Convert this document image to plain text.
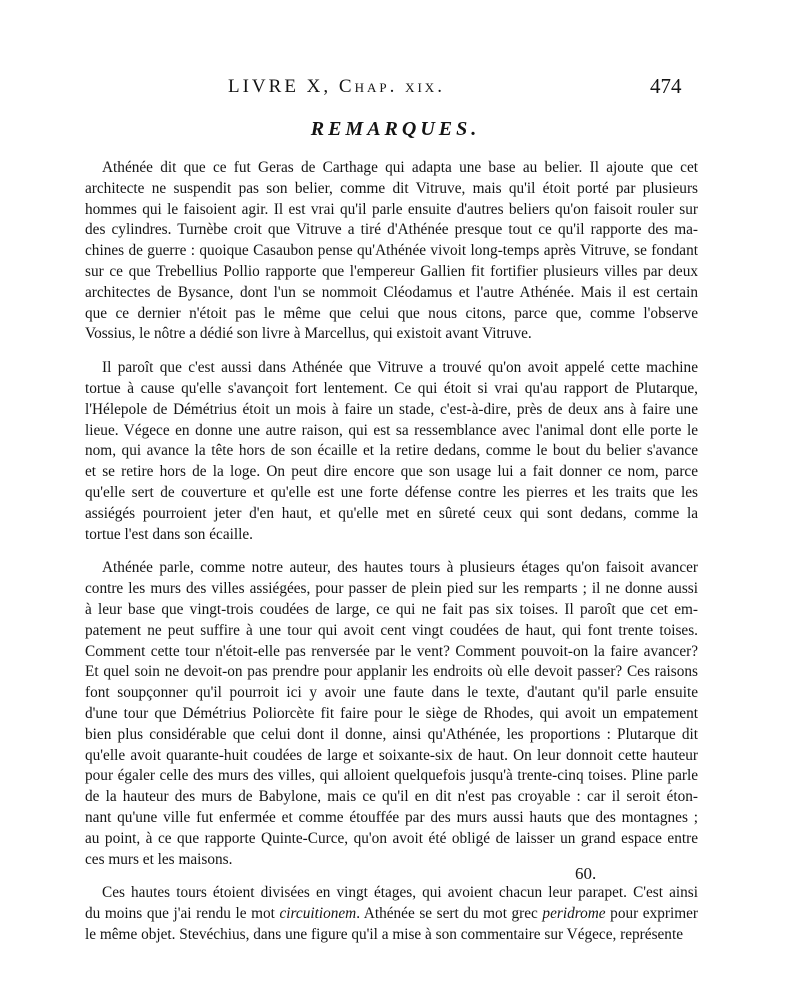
LIVRE X, Chap. xix.	474
REMARQUES.
Athénée dit que ce fut Geras de Carthage qui adapta une base au belier. Il ajoute que cet
architecte ne suspendit pas son belier, comme dit Vitruve, mais qu'il étoit porté par plusieurs
hommes qui le faisoient agir. Il est vrai qu'il parle ensuite d'autres beliers qu'on faisoit rouler sur
des cylindres. Turnèbe croit que Vitruve a tiré d'Athénée presque tout ce qu'il rapporte des ma-
chines de guerre : quoique Casaubon pense qu'Athénée vivoit long-temps après Vitruve, se fondant
sur ce que Trebellius Pollio rapporte que l'empereur Gallien fit fortifier plusieurs villes par deux
architectes de Bysance, dont l'un se nommoit Cléodamus et l'autre Athénée. Mais il est certain
que ce dernier n'étoit pas le même que celui que nous citons, parce que, comme l'observe
Vossius, le nôtre a dédié son livre à Marcellus, qui existoit avant Vitruve.
Il paroît que c'est aussi dans Athénée que Vitruve a trouvé qu'on avoit appelé cette machine
tortue à cause qu'elle s'avançoit fort lentement. Ce qui étoit si vrai qu'au rapport de Plutarque,
l'Hélepole de Démétrius étoit un mois à faire un stade, c'est-à-dire, près de deux ans à faire une
lieue. Végece en donne une autre raison, qui est sa ressemblance avec l'animal dont elle porte le
nom, qui avance la tête hors de son écaille et la retire dedans, comme le bout du belier s'avance
et se retire hors de la loge. On peut dire encore que son usage lui a fait donner ce nom, parce
qu'elle sert de couverture et qu'elle est une forte défense contre les pierres et les traits que les
assiégés pourroient jeter d'en haut, et qu'elle met en sûreté ceux qui sont dedans, comme la
tortue l'est dans son écaille.
Athénée parle, comme notre auteur, des hautes tours à plusieurs étages qu'on faisoit avancer
contre les murs des villes assiégées, pour passer de plein pied sur les remparts ; il ne donne aussi
à leur base que vingt-trois coudées de large, ce qui ne fait pas six toises. Il paroît que cet em-
patement ne peut suffire à une tour qui avoit cent vingt coudées de haut, qui font trente toises.
Comment cette tour n'étoit-elle pas renversée par le vent? Comment pouvoit-on la faire avancer?
Et quel soin ne devoit-on pas prendre pour applanir les endroits où elle devoit passer? Ces raisons
font soupçonner qu'il pourroit ici y avoir une faute dans le texte, d'autant qu'il parle ensuite
d'une tour que Démétrius Poliorcète fit faire pour le siège de Rhodes, qui avoit un empatement
bien plus considérable que celui dont il donne, ainsi qu'Athénée, les proportions : Plutarque dit
qu'elle avoit quarante-huit coudées de large et soixante-six de haut. On leur donnoit cette hauteur
pour égaler celle des murs des villes, qui alloient quelquefois jusqu'à trente-cinq toises. Pline parle
de la hauteur des murs de Babylone, mais ce qu'il en dit n'est pas croyable : car il seroit éton-
nant qu'une ville fut enfermée et comme étouffée par des murs aussi hauts que des montagnes ;
au point, à ce que rapporte Quinte-Curce, qu'on avoit été obligé de laisser un grand espace entre
ces murs et les maisons.
Ces hautes tours étoient divisées en vingt étages, qui avoient chacun leur parapet. C'est ainsi
du moins que j'ai rendu le mot circuitionem. Athénée se sert du mot grec peridrome pour exprimer
le même objet. Stevéchius, dans une figure qu'il a mise à son commentaire sur Végece, représente
60.
